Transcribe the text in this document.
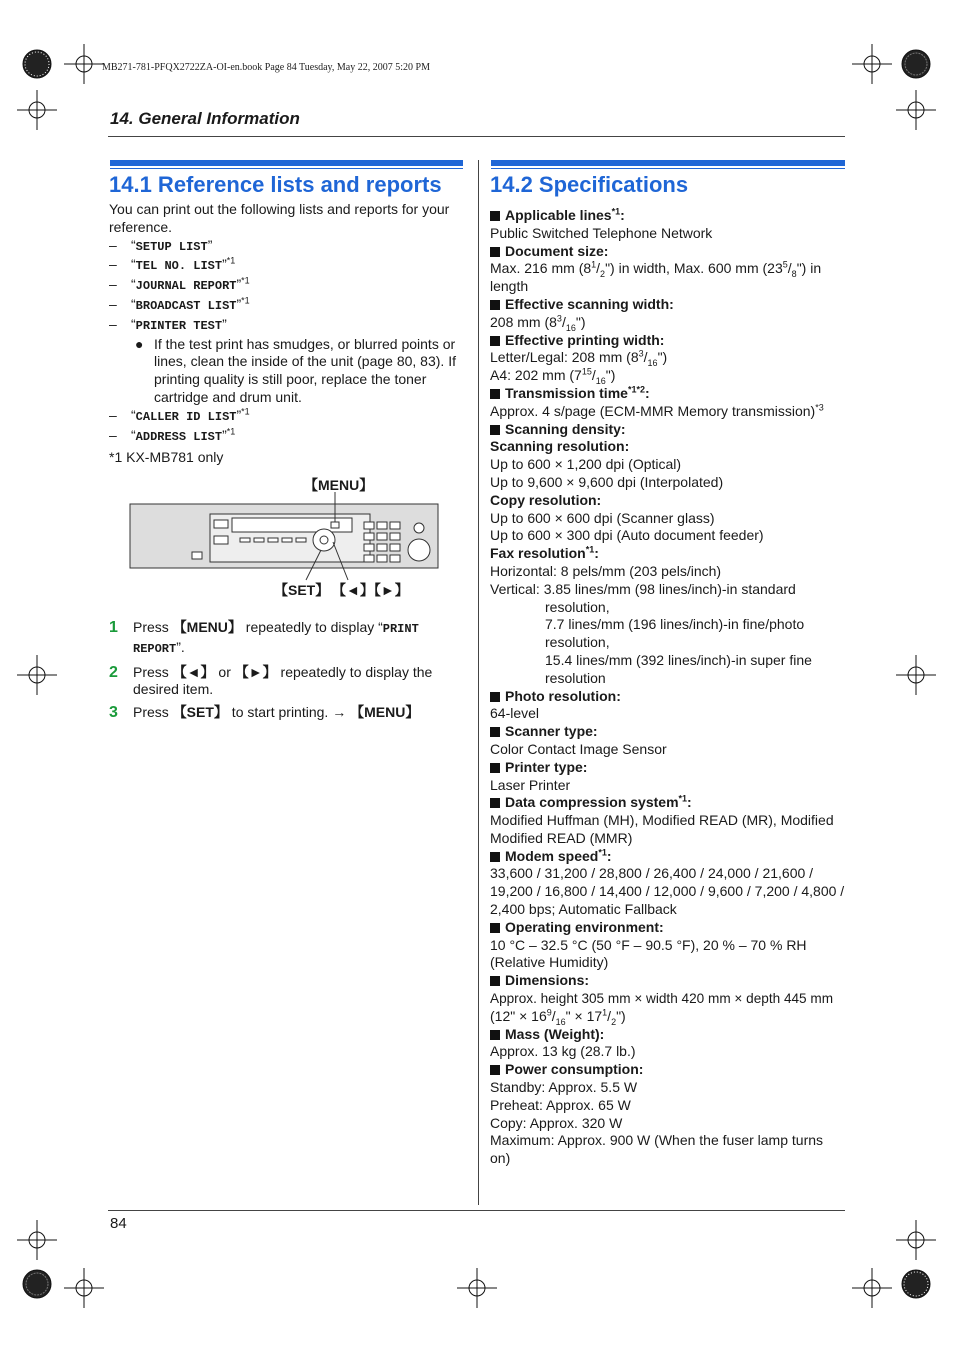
MB271-781-PFQX2722ZA-OI-en.book Page 84 Tuesday, May 22, 2007 5:20 PM
14. General Information
84
14.1 Reference lists and reports
You can print out the following lists and reports for your reference.
–	“SETUP LIST”
–	“TEL NO. LIST”$^{*1}$
–	“JOURNAL REPORT”$^{*1}$
–	“BROADCAST LIST”$^{*1}$
–	“PRINTER TEST”
● If the test print has smudges, or blurred points or lines, clean the inside of the unit (page 80, 83). If printing quality is still poor, replace the toner cartridge and drum unit.
–	“CALLER ID LIST”$^{*1}$
–	“ADDRESS LIST”$^{*1}$
*1 KX-MB781 only
【MENU】
【SET】 【◄】【►】
1	Press 【MENU】 repeatedly to display “PRINT REPORT”.
2	Press 【◄】 or 【►】 repeatedly to display the desired item.
3	Press 【SET】 to start printing. → 【MENU】
14.2 Specifications
Applicable lines$^{*1}$:
Public Switched Telephone Network
Document size:
Max. 216 mm $(8^1/_2")$ in width, Max. 600 mm $(23^5/_8")$ in length
Effective scanning width:
208 mm $(8^3/_{16}")$
Effective printing width:
Letter/Legal: 208 mm $(8^3/_{16}")$
A4: 202 mm $(7^{15}/_{16}")$
Transmission time$^{*1*2}$:
Approx. 4 s/page (ECM-MMR Memory transmission)$^{*3}$
Scanning density:
Scanning resolution:
Up to 600 × 1,200 dpi (Optical)
Up to 9,600 × 9,600 dpi (Interpolated)
Copy resolution:
Up to 600 × 600 dpi (Scanner glass)
Up to 600 × 300 dpi (Auto document feeder)
Fax resolution$^{*1}$:
Horizontal: 8 pels/mm (203 pels/inch)
Vertical: 3.85 lines/mm (98 lines/inch)-in standard
resolution,
7.7 lines/mm (196 lines/inch)-in fine/photo
resolution,
15.4 lines/mm (392 lines/inch)-in super fine
resolution
Photo resolution:
64-level
Scanner type:
Color Contact Image Sensor
Printer type:
Laser Printer
Data compression system$^{*1}$:
Modified Huffman (MH), Modified READ (MR), Modified Modified READ (MMR)
Modem speed$^{*1}$:
33,600 / 31,200 / 28,800 / 26,400 / 24,000 / 21,600 / 19,200 / 16,800 / 14,400 / 12,000 / 9,600 / 7,200 / 4,800 / 2,400 bps; Automatic Fallback
Operating environment:
10 °C – 32.5 °C (50 °F – 90.5 °F), 20 % – 70 % RH (Relative Humidity)
Dimensions:
Approx. height 305 mm × width 420 mm × depth 445 mm
(12" × $16^9/_{16}$" × $17^1/_2$")
Mass (Weight):
Approx. 13 kg (28.7 lb.)
Power consumption:
Standby: Approx. 5.5 W
Preheat: Approx. 65 W
Copy: Approx. 320 W
Maximum: Approx. 900 W (When the fuser lamp turns on)
